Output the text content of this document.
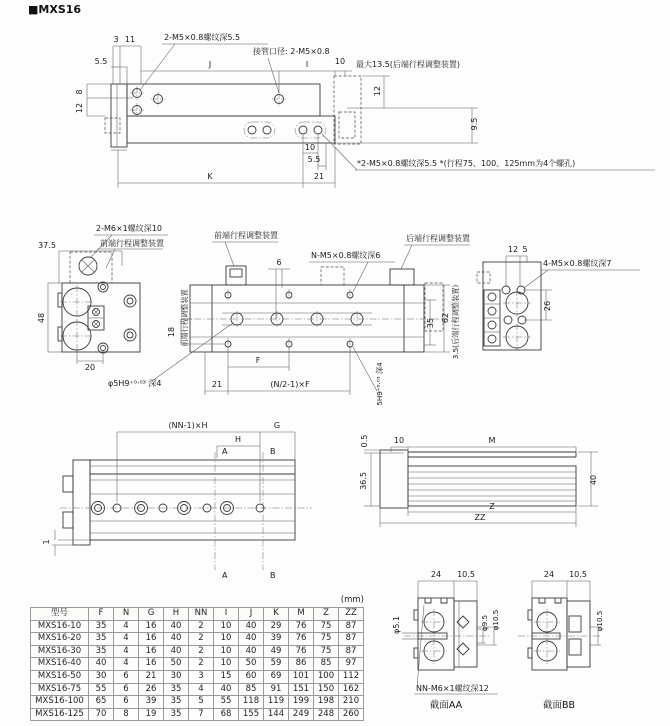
■MXS16
3 11
5.5	J	I	10 最大13.5(后端行程调整装置)
2-M5×0.8螺纹深5.5
接管口径: 2-M5×0.8
12
9.5
8
12
10
5.5
21
K
*2-M5×0.8螺纹深5.5 *(行程75、100、125mm为4个螺孔)
48
20
2-M6×1螺纹深10
37.5	前端行程调整装置
前端行程调整装置
N-M5×0.8螺纹深6
后端行程调整装置
6
18 前端行程调整装置	35 62 3.5(后端行程调整装置)
F
21	(N/2-1)×F
φ5H9⁺⁰·⁰³ 深4	5H9⁺⁰·⁰³ 深4
12 5
4-M5×0.8螺纹深7
26
A	B
A	B
(NN-1)×H	G
H
1
0.5
36.5
10	M
40
Z
ZZ
24 10.5
φ5.1	φ9.5 φ10.5
NN-M6×1螺纹深12
截面AA
24 10.5
φ10.5
截面BB
(mm)
型号	F	N	G	H	NN	I	J	K	M	Z	ZZ
MXS16-10	35	4	16	40	2	10	40	29	76	75	87
MXS16-20	35	4	16	40	2	10	40	39	76	75	87
MXS16-30	35	4	16	40	2	10	40	49	76	75	87
MXS16-40	40	4	16	50	2	10	50	59	86	85	97
MXS16-50	30	6	21	30	3	15	60	69	101	100	112
MXS16-75	55	6	26	35	4	40	85	91	151	150	162
MXS16-100	65	6	39	35	5	55	118	119	199	198	210
MXS16-125	70	8	19	35	7	68	155	144	249	248	260
